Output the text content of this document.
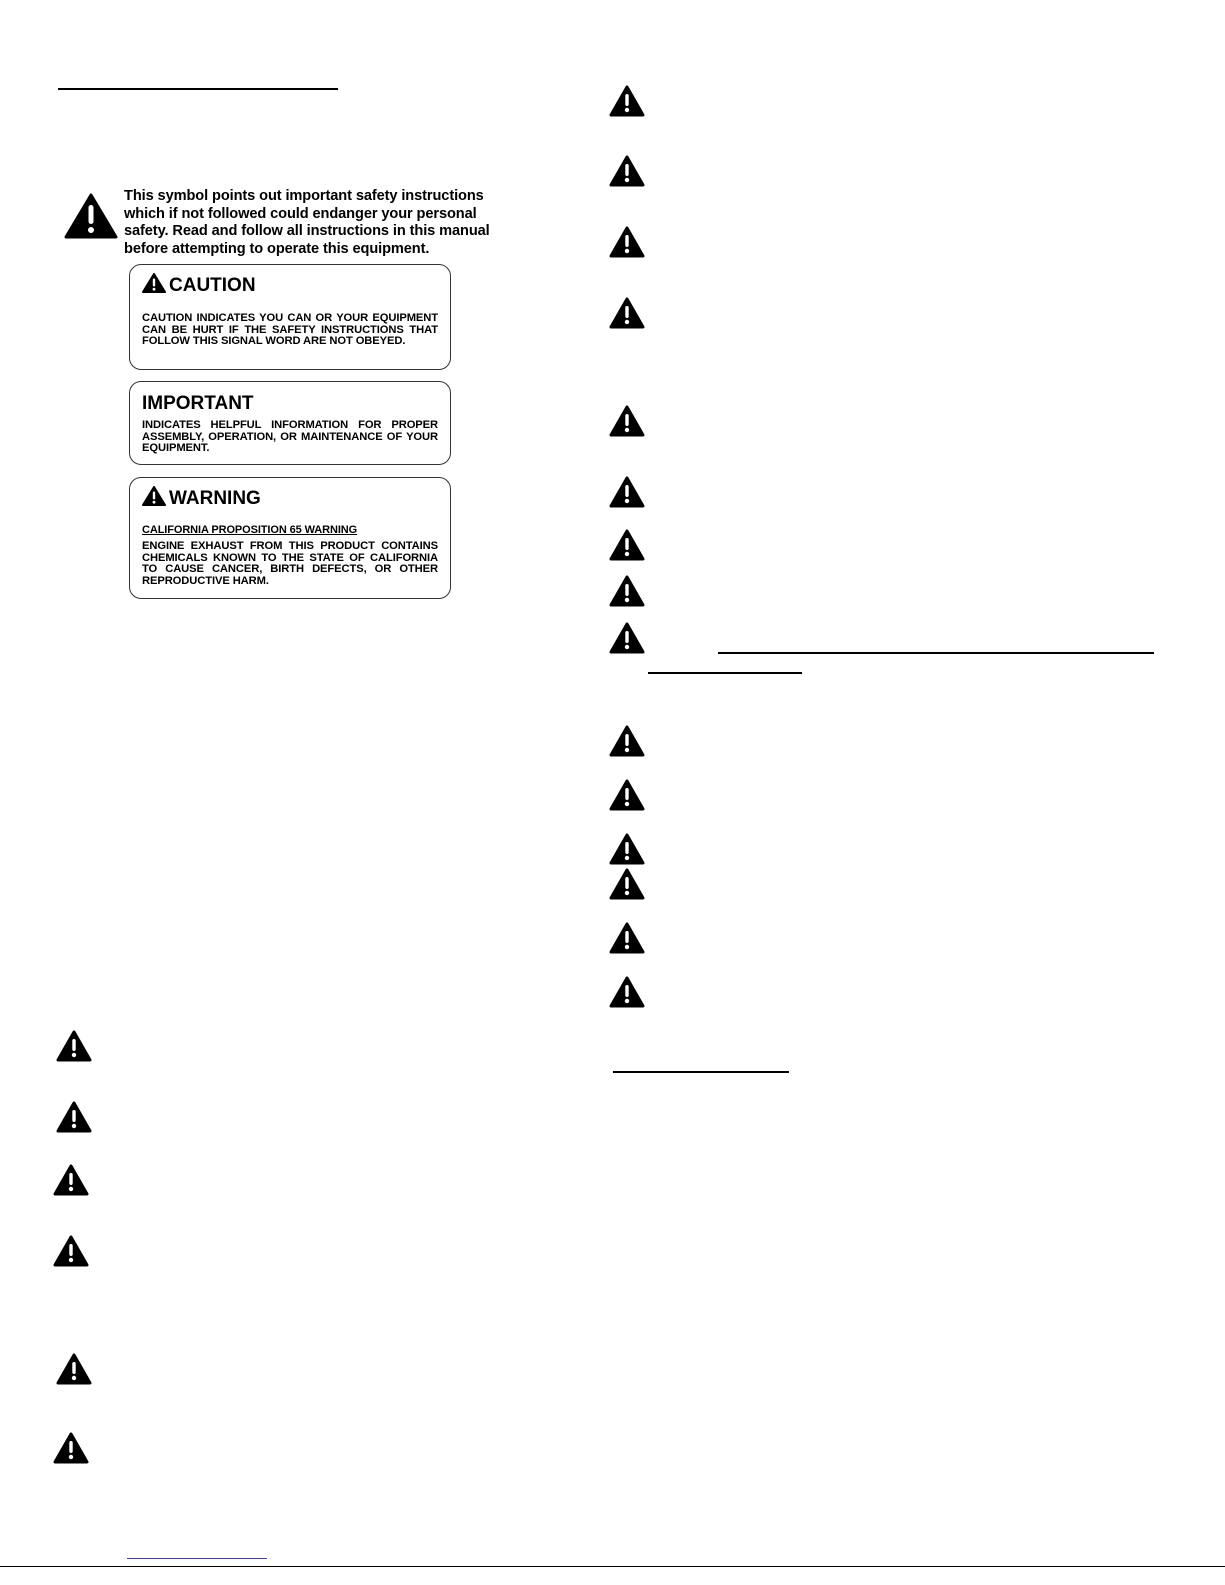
This symbol points out important safety instructions which if not followed could endanger your personal safety. Read and follow all instructions in this manual before attempting to operate this equipment.
CAUTION
CAUTION INDICATES YOU CAN OR YOUR EQUIPMENT CAN BE HURT IF THE SAFETY INSTRUCTIONS THAT FOLLOW THIS SIGNAL WORD ARE NOT OBEYED.
IMPORTANT
INDICATES HELPFUL INFORMATION FOR PROPER ASSEMBLY, OPERATION, OR MAINTENANCE OF YOUR EQUIPMENT.
WARNING
CALIFORNIA PROPOSITION 65 WARNING
ENGINE EXHAUST FROM THIS PRODUCT CONTAINS CHEMICALS KNOWN TO THE STATE OF CALIFORNIA TO CAUSE CANCER, BIRTH DEFECTS, OR OTHER REPRODUCTIVE HARM.
